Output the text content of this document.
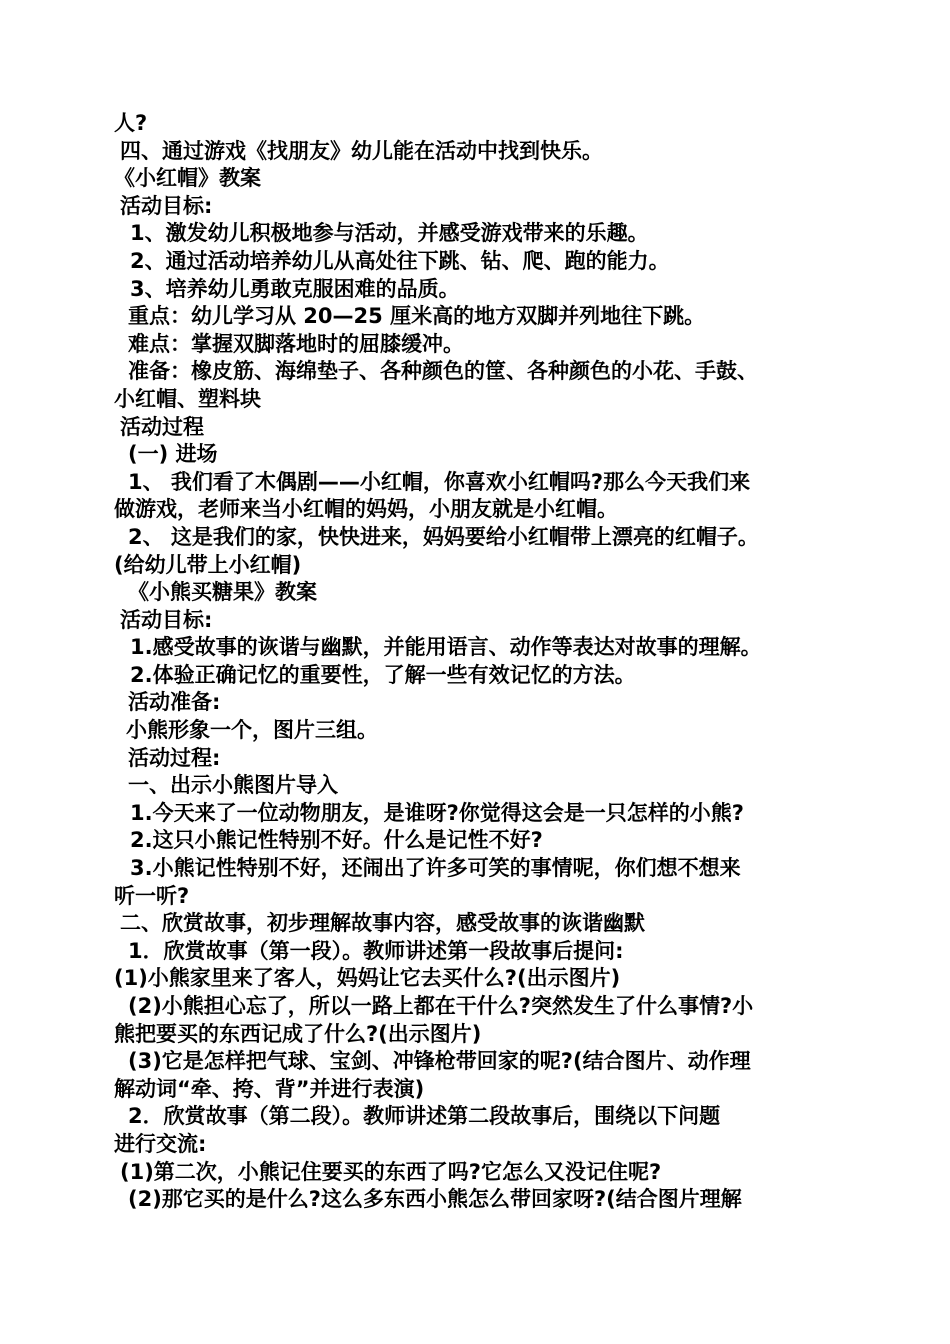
人?
四、通过游戏《找朋友》幼儿能在活动中找到快乐。
《小红帽》教案
活动目标:
1、激发幼儿积极地参与活动，并感受游戏带来的乐趣。
2、通过活动培养幼儿从高处往下跳、钻、爬、跑的能力。
3、培养幼儿勇敢克服困难的品质。
重点：幼儿学习从 20—25 厘米高的地方双脚并列地往下跳。
难点：掌握双脚落地时的屈膝缓冲。
准备：橡皮筋、海绵垫子、各种颜色的筐、各种颜色的小花、手鼓、
小红帽、塑料块
活动过程
(一) 进场
1、 我们看了木偶剧——小红帽，你喜欢小红帽吗?那么今天我们来
做游戏，老师来当小红帽的妈妈，小朋友就是小红帽。
2、 这是我们的家，快快进来，妈妈要给小红帽带上漂亮的红帽子。
(给幼儿带上小红帽)
《小熊买糖果》教案
活动目标:
1.感受故事的诙谐与幽默，并能用语言、动作等表达对故事的理解。
2.体验正确记忆的重要性，了解一些有效记忆的方法。
活动准备:
小熊形象一个，图片三组。
活动过程:
一、出示小熊图片导入
1.今天来了一位动物朋友，是谁呀?你觉得这会是一只怎样的小熊?
2.这只小熊记性特别不好。什么是记性不好?
3.小熊记性特别不好，还闹出了许多可笑的事情呢，你们想不想来
听一听?
二、欣赏故事，初步理解故事内容，感受故事的诙谐幽默
1．欣赏故事（第一段）。教师讲述第一段故事后提问:
(1)小熊家里来了客人，妈妈让它去买什么?(出示图片)
(2)小熊担心忘了，所以一路上都在干什么?突然发生了什么事情?小
熊把要买的东西记成了什么?(出示图片)
(3)它是怎样把气球、宝剑、冲锋枪带回家的呢?(结合图片、动作理
解动词“牵、挎、背”并进行表演)
2．欣赏故事（第二段）。教师讲述第二段故事后，围绕以下问题
进行交流:
(1)第二次，小熊记住要买的东西了吗?它怎么又没记住呢?
(2)那它买的是什么?这么多东西小熊怎么带回家呀?(结合图片理解
